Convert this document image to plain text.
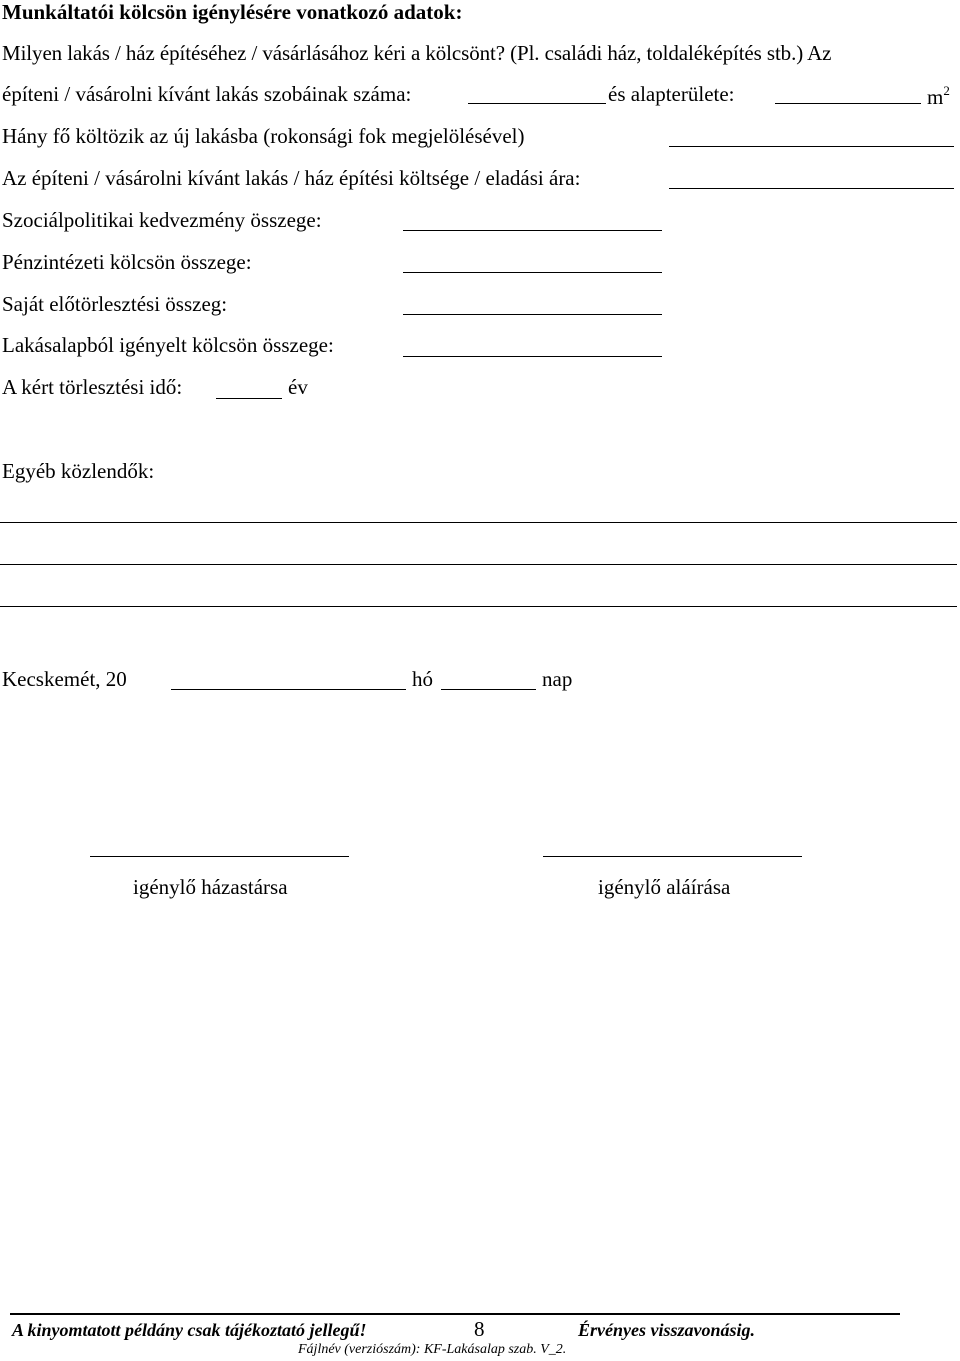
Munkáltatói kölcsön igénylésére vonatkozó adatok:
Milyen lakás / ház építéséhez / vásárlásához kéri a kölcsönt? (Pl. családi ház, toldaléképítés stb.) Az
építeni / vásárolni kívánt lakás szobáinak száma:	és alapterülete:	$m^2$
Hány fő költözik az új lakásba (rokonsági fok megjelölésével)
Az építeni / vásárolni kívánt lakás / ház építési költsége / eladási ára:
Szociálpolitikai kedvezmény összege:
Pénzintézeti kölcsön összege:
Saját előtörlesztési összeg:
Lakásalapból igényelt kölcsön összege:
A kért törlesztési idő:	év
Egyéb közlendők:
Kecskemét, 20	hó	nap
igénylő házastársa	igénylő aláírása
A kinyomtatott példány csak tájékoztató jellegű!	8	Érvényes visszavonásig.
Fájlnév (verziószám): KF-Lakásalap szab. V_2.
